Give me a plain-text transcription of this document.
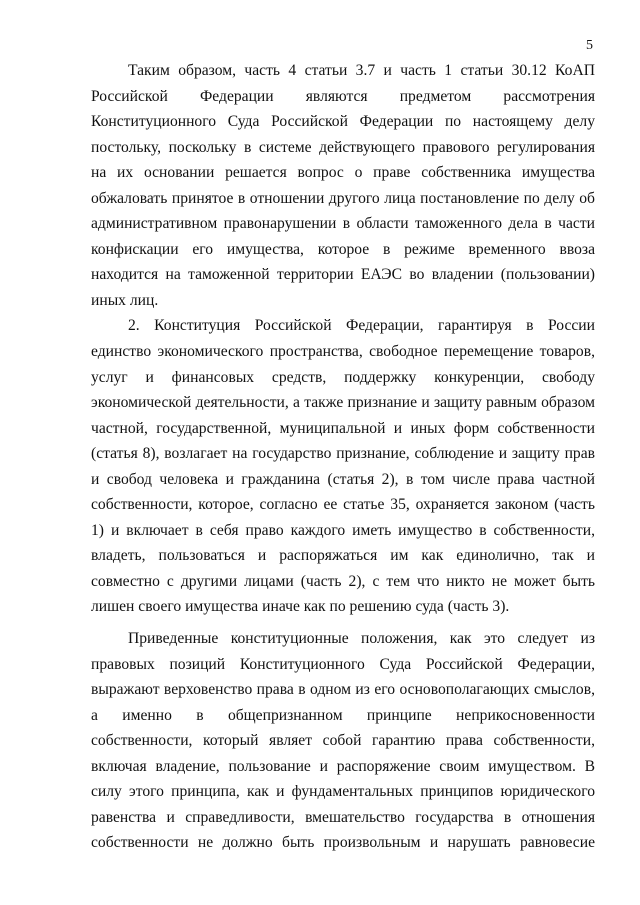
5

Таким образом, часть 4 статьи 3.7 и часть 1 статьи 30.12 КоАП
Российской Федерации являются предметом рассмотрения
Конституционного Суда Российской Федерации по настоящему делу
постольку, поскольку в системе действующего правового регулирования
на их основании решается вопрос о праве собственника имущества
обжаловать принятое в отношении другого лица постановление по делу об
административном правонарушении в области таможенного дела в части
конфискации его имущества, которое в режиме временного ввоза
находится на таможенной территории ЕАЭС во владении (пользовании)
иных лиц.

2. Конституция Российской Федерации, гарантируя в России
единство экономического пространства, свободное перемещение товаров,
услуг и финансовых средств, поддержку конкуренции, свободу
экономической деятельности, а также признание и защиту равным образом
частной, государственной, муниципальной и иных форм собственности
(статья 8), возлагает на государство признание, соблюдение и защиту прав
и свобод человека и гражданина (статья 2), в том числе права частной
собственности, которое, согласно ее статье 35, охраняется законом (часть
1) и включает в себя право каждого иметь имущество в собственности,
владеть, пользоваться и распоряжаться им как единолично, так и
совместно с другими лицами (часть 2), с тем что никто не может быть
лишен своего имущества иначе как по решению суда (часть 3).

Приведенные конституционные положения, как это следует из
правовых позиций Конституционного Суда Российской Федерации,
выражают верховенство права в одном из его основополагающих смыслов,
а именно в общепризнанном принципе неприкосновенности
собственности, который являет собой гарантию права собственности,
включая владение, пользование и распоряжение своим имуществом. В
силу этого принципа, как и фундаментальных принципов юридического
равенства и справедливости, вмешательство государства в отношения
собственности не должно быть произвольным и нарушать равновесие
